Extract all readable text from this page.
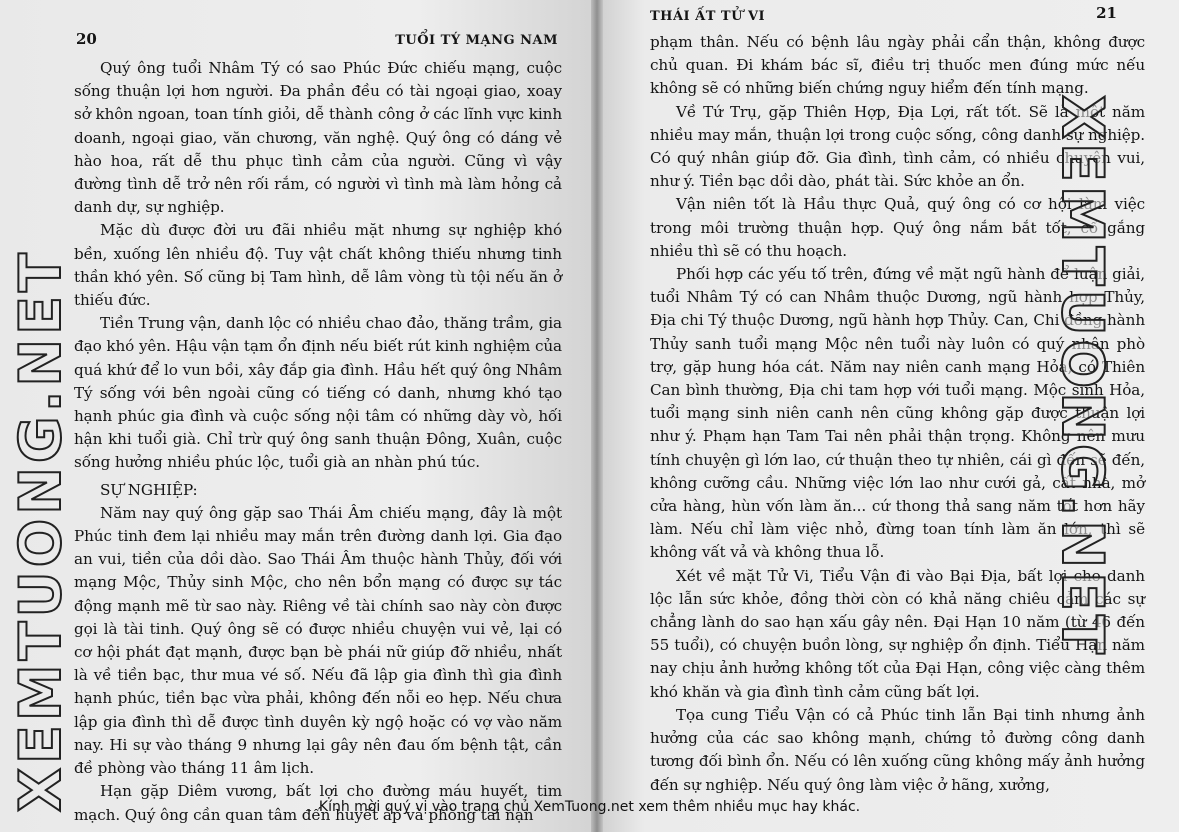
20	TUỔI TÝ MẠNG NAM

Quý ông tuổi Nhâm Tý có sao Phúc Đức chiếu mạng, cuộc sống thuận lợi hơn người. Đa phần đều có tài ngoại giao, xoay sở khôn ngoan, toan tính giỏi, dễ thành công ở các lĩnh vực kinh doanh, ngoại giao, văn chương, văn nghệ. Quý ông có dáng vẻ hào hoa, rất dễ thu phục tình cảm của người. Cũng vì vậy đường tình dễ trở nên rối rắm, có người vì tình mà làm hỏng cả danh dự, sự nghiệp.

Mặc dù được đời ưu đãi nhiều mặt nhưng sự nghiệp khó bền, xuống lên nhiều độ. Tuy vật chất không thiếu nhưng tinh thần khó yên. Số cũng bị Tam hình, dễ lâm vòng tù tội nếu ăn ở thiếu đức.

Tiền Trung vận, danh lộc có nhiều chao đảo, thăng trầm, gia đạo khó yên. Hậu vận tạm ổn định nếu biết rút kinh nghiệm của quá khứ để lo vun bồi, xây đắp gia đình. Hầu hết quý ông Nhâm Tý sống với bên ngoài cũng có tiếng có danh, nhưng khó tạo hạnh phúc gia đình và cuộc sống nội tâm có những dày vò, hối hận khi tuổi già. Chỉ trừ quý ông sanh thuận Đông, Xuân, cuộc sống hưởng nhiều phúc lộc, tuổi già an nhàn phú túc.

SỰ NGHIỆP:

Năm nay quý ông gặp sao Thái Âm chiếu mạng, đây là một Phúc tinh đem lại nhiều may mắn trên đường danh lợi. Gia đạo an vui, tiền của dồi dào. Sao Thái Âm thuộc hành Thủy, đối với mạng Mộc, Thủy sinh Mộc, cho nên bổn mạng có được sự tác động mạnh mẽ từ sao này. Riêng về tài chính sao này còn được gọi là tài tinh. Quý ông sẽ có được nhiều chuyện vui vẻ, lại có cơ hội phát đạt mạnh, được bạn bè phái nữ giúp đỡ nhiều, nhất là về tiền bạc, thư mua vé số. Nếu đã lập gia đình thì gia đình hạnh phúc, tiền bạc vừa phải, không đến nỗi eo hẹp. Nếu chưa lập gia đình thì dễ được tình duyên kỳ ngộ hoặc có vợ vào năm nay. Hi sự vào tháng 9 nhưng lại gây nên đau ốm bệnh tật, cần đề phòng vào tháng 11 âm lịch.

Hạn gặp Diêm vương, bất lợi cho đường máu huyết, tim mạch. Quý ông cần quan tâm đến huyết áp và phòng tai nạn

THÁI ẤT TỬ VI	21

phạm thân. Nếu có bệnh lâu ngày phải cẩn thận, không được chủ quan. Đi khám bác sĩ, điều trị thuốc men đúng mức nếu không sẽ có những biến chứng nguy hiểm đến tính mạng.

Về Tứ Trụ, gặp Thiên Hợp, Địa Lợi, rất tốt. Sẽ là một năm nhiều may mắn, thuận lợi trong cuộc sống, công danh sự nghiệp. Có quý nhân giúp đỡ. Gia đình, tình cảm, có nhiều chuyện vui, như ý. Tiền bạc dồi dào, phát tài. Sức khỏe an ổn.

Vận niên tốt là Hầu thực Quả, quý ông có cơ hội làm việc trong môi trường thuận hợp. Quý ông nắm bắt tốt, cố gắng nhiều thì sẽ có thu hoạch.

Phối hợp các yếu tố trên, đứng về mặt ngũ hành để luận giải, tuổi Nhâm Tý có can Nhâm thuộc Dương, ngũ hành hợp Thủy, Địa chi Tý thuộc Dương, ngũ hành hợp Thủy. Can, Chi đồng hành Thủy sanh tuổi mạng Mộc nên tuổi này luôn có quý nhân phò trợ, gặp hung hóa cát. Năm nay niên canh mạng Hỏa, có Thiên Can bình thường, Địa chi tam hợp với tuổi mạng. Mộc sinh Hỏa, tuổi mạng sinh niên canh nên cũng không gặp được thuận lợi như ý. Phạm hạn Tam Tai nên phải thận trọng. Không nên mưu tính chuyện gì lớn lao, cứ thuận theo tự nhiên, cái gì đến sẽ đến, không cưỡng cầu. Những việc lớn lao như cưới gả, cất nhà, mở cửa hàng, hùn vốn làm ăn... cứ thong thả sang năm tốt hơn hãy làm. Nếu chỉ làm việc nhỏ, đừng toan tính làm ăn lớn, thì sẽ không vất vả và không thua lỗ.

Xét về mặt Tử Vi, Tiểu Vận đi vào Bại Địa, bất lợi cho danh lộc lẫn sức khỏe, đồng thời còn có khả năng chiêu cảm các sự chẳng lành do sao hạn xấu gây nên. Đại Hạn 10 năm (từ 46 đến 55 tuổi), có chuyện buồn lòng, sự nghiệp ổn định. Tiểu Hạn năm nay chịu ảnh hưởng không tốt của Đại Hạn, công việc càng thêm khó khăn và gia đình tình cảm cũng bất lợi.

Tọa cung Tiểu Vận có cả Phúc tinh lẫn Bại tinh nhưng ảnh hưởng của các sao không mạnh, chứng tỏ đường công danh tương đối bình ổn. Nếu có lên xuống cũng không mấy ảnh hưởng đến sự nghiệp. Nếu quý ông làm việc ở hãng, xưởng,

XEMTUONG.NET	XEMTUONG.NET
Kính mời quý vị vào trang chủ XemTuong.net xem thêm nhiều mục hay khác.
